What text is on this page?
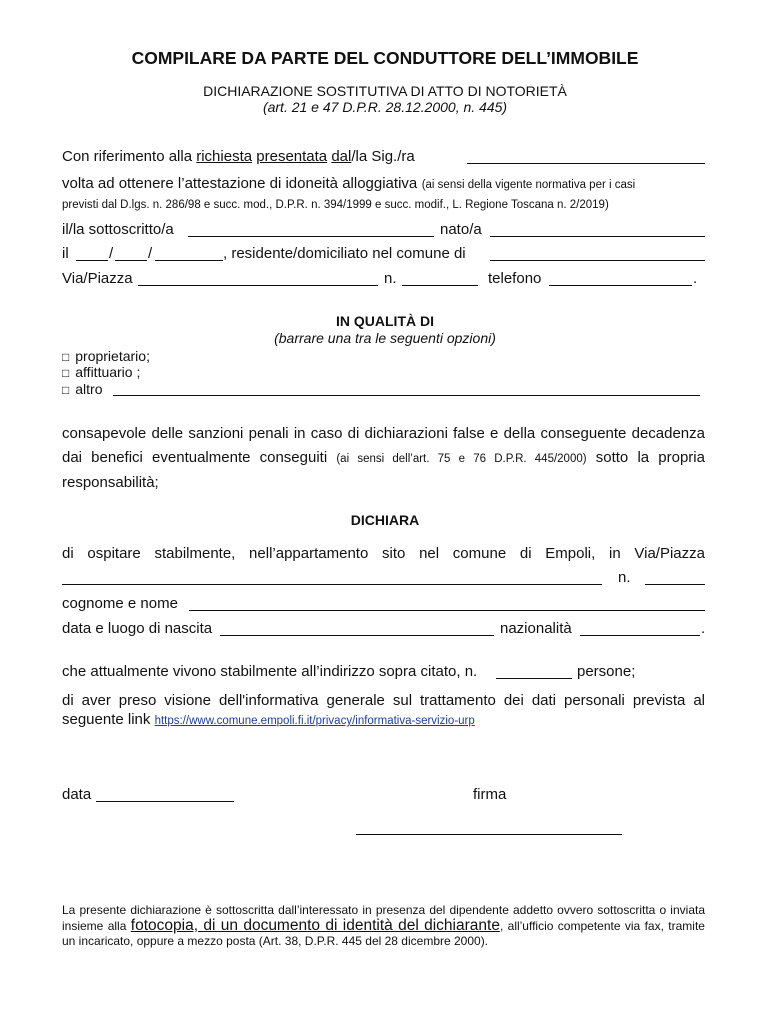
COMPILARE DA PARTE DEL CONDUTTORE DELL’IMMOBILE
DICHIARAZIONE SOSTITUTIVA DI ATTO DI NOTORIETÀ
(art. 21 e 47 D.P.R. 28.12.2000, n. 445)
Con riferimento alla richiesta presentata dal/la Sig./ra
volta ad ottenere l’attestazione di idoneità alloggiativa (ai sensi della vigente normativa per i casi
previsti dal D.lgs. n. 286/98 e succ. mod., D.P.R. n. 394/1999 e succ. modif., L. Regione Toscana n. 2/2019)
il/la sottoscritto/a	nato/a
il	/ /	, residente/domiciliato nel comune di
Via/Piazza	n.	telefono	.
IN QUALITÀ DI
(barrare una tra le seguenti opzioni)
□ proprietario;
□ affittuario ;
□ altro
consapevole delle sanzioni penali in caso di dichiarazioni false e della conseguente decadenza dai benefici eventualmente conseguiti (ai sensi dell’art. 75 e 76 D.P.R. 445/2000) sotto la propria responsabilità;
DICHIARA
di ospitare stabilmente, nell’appartamento sito nel comune di Empoli, in Via/Piazza
n.
cognome e nome
data e luogo di nascita	nazionalità	.
che attualmente vivono stabilmente all’indirizzo sopra citato, n.	persone;
di aver preso visione dell'informativa generale sul trattamento dei dati personali prevista al seguente link https://www.comune.empoli.fi.it/privacy/informativa-servizio-urp
data	firma
La presente dichiarazione è sottoscritta dall’interessato in presenza del dipendente addetto ovvero sottoscritta o inviata insieme alla fotocopia, di un documento di identità del dichiarante, all’ufficio competente via fax, tramite un incaricato, oppure a mezzo posta (Art. 38, D.P.R. 445 del 28 dicembre 2000).
